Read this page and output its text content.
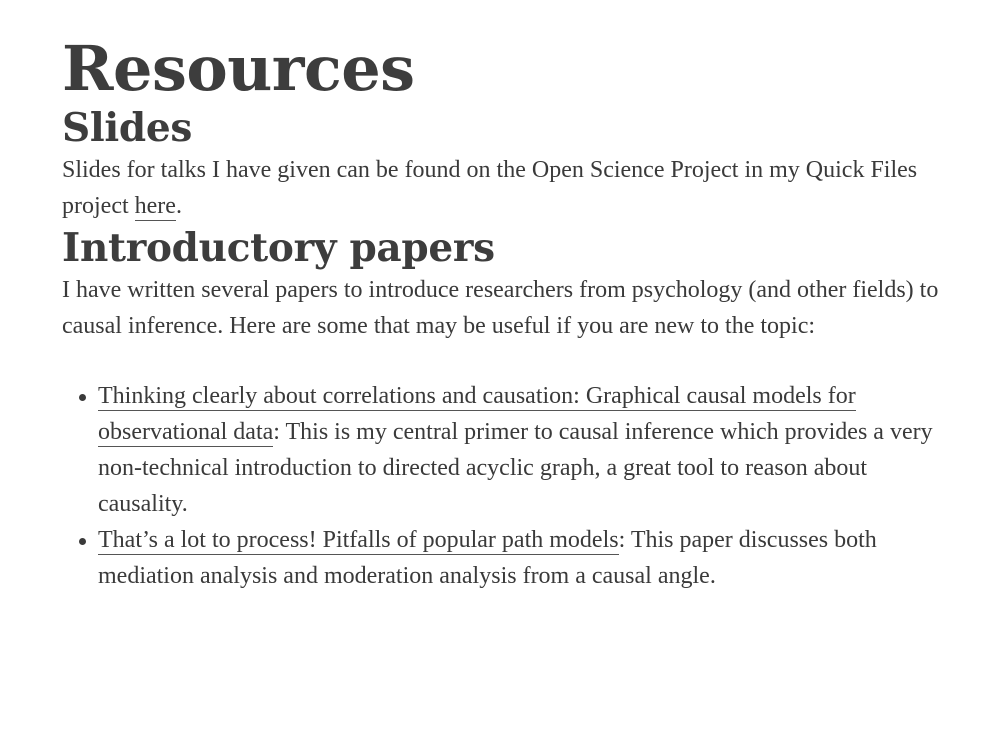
Resources
Slides

Slides for talks I have given can be found on the Open Science Project in my Quick Files project here.

Introductory papers

I have written several papers to introduce researchers from psychology (and other fields) to causal inference. Here are some that may be useful if you are new to the topic:

Thinking clearly about correlations and causation: Graphical causal models for observational data: This is my central primer to causal inference which provides a very non-technical introduction to directed acyclic graph, a great tool to reason about causality.
That’s a lot to process! Pitfalls of popular path models: This paper discusses both mediation analysis and moderation analysis from a causal angle.
